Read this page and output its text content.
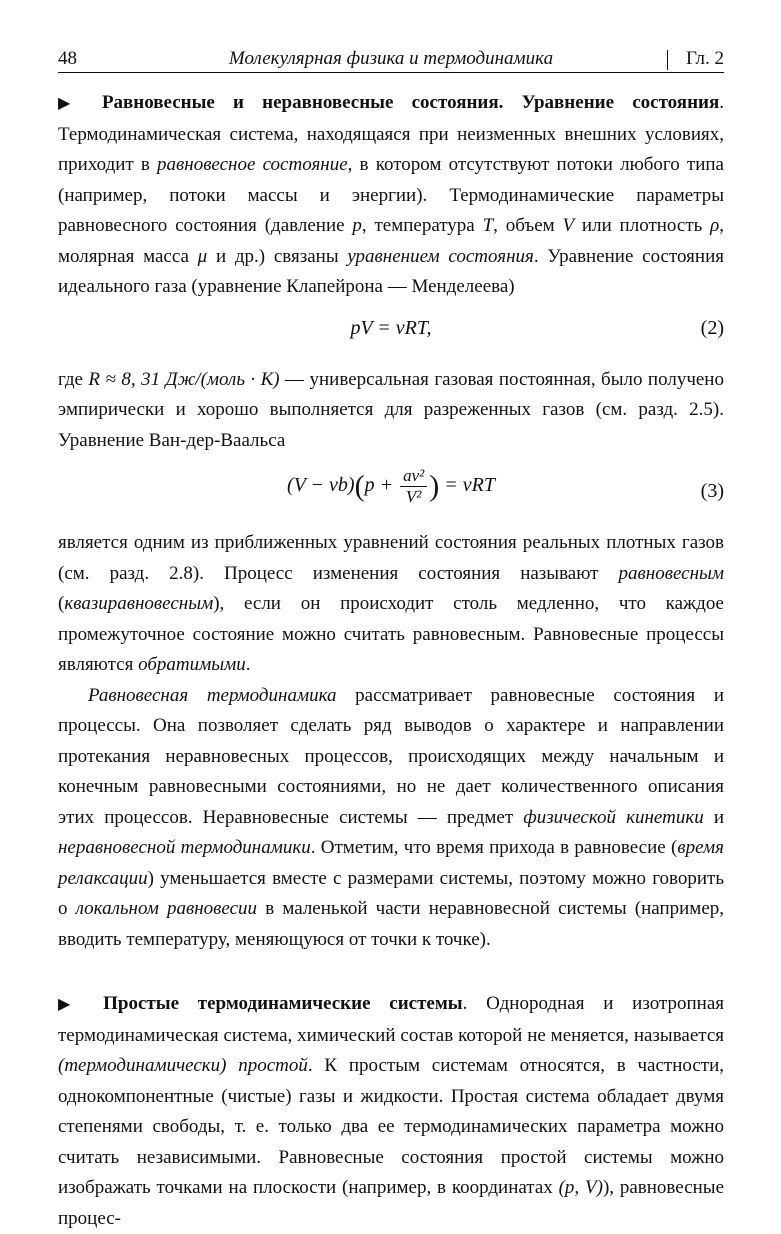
48	Молекулярная физика и термодинамика	Гл. 2

▶ Равновесные и неравновесные состояния. Уравнение состояния. Термодинамическая система, находящаяся при неизменных внешних условиях, приходит в равновесное состояние, в котором отсутствуют потоки любого типа (например, потоки массы и энергии). Термодинамические параметры равновесного состояния (давление p, температура T, объем V или плотность ρ, молярная масса μ и др.) связаны уравнением состояния. Уравнение состояния идеального газа (уравнение Клапейрона — Менделеева)

pV = νRT,	(2)

где R ≈ 8, 31 Дж/(моль · К) — универсальная газовая постоянная, было получено эмпирически и хорошо выполняется для разреженных газов (см. разд. 2.5). Уравнение Ван-дер-Ваальса

$(V - \nu b)(p + \frac{\text{aν²}}{\text{V²}}$ ) = νRT	(3)

является одним из приближенных уравнений состояния реальных плотных газов (см. разд. 2.8). Процесс изменения состояния называют равновесным (квазиравновесным), если он происходит столь медленно, что каждое промежуточное состояние можно считать равновесным. Равновесные процессы являются обратимыми.

Равновесная термодинамика рассматривает равновесные состояния и процессы. Она позволяет сделать ряд выводов о характере и направлении протекания неравновесных процессов, происходящих между начальным и конечным равновесными состояниями, но не дает количественного описания этих процессов. Неравновесные системы — предмет физической кинетики и неравновесной термодинамики. Отметим, что время прихода в равновесие (время релаксации) уменьшается вместе с размерами системы, поэтому можно говорить о локальном равновесии в маленькой части неравновесной системы (например, вводить температуру, меняющуюся от точки к точке).

▶ Простые термодинамические системы. Однородная и изотропная термодинамическая система, химический состав которой не меняется, называется (термодинамически) простой. К простым системам относятся, в частности, однокомпонентные (чистые) газы и жидкости. Простая система обладает двумя степенями свободы, т. е. только два ее термодинамических параметра можно считать независимыми. Равновесные состояния простой системы можно изображать точками на плоскости (например, в координатах (p, V)), равновесные процес-
